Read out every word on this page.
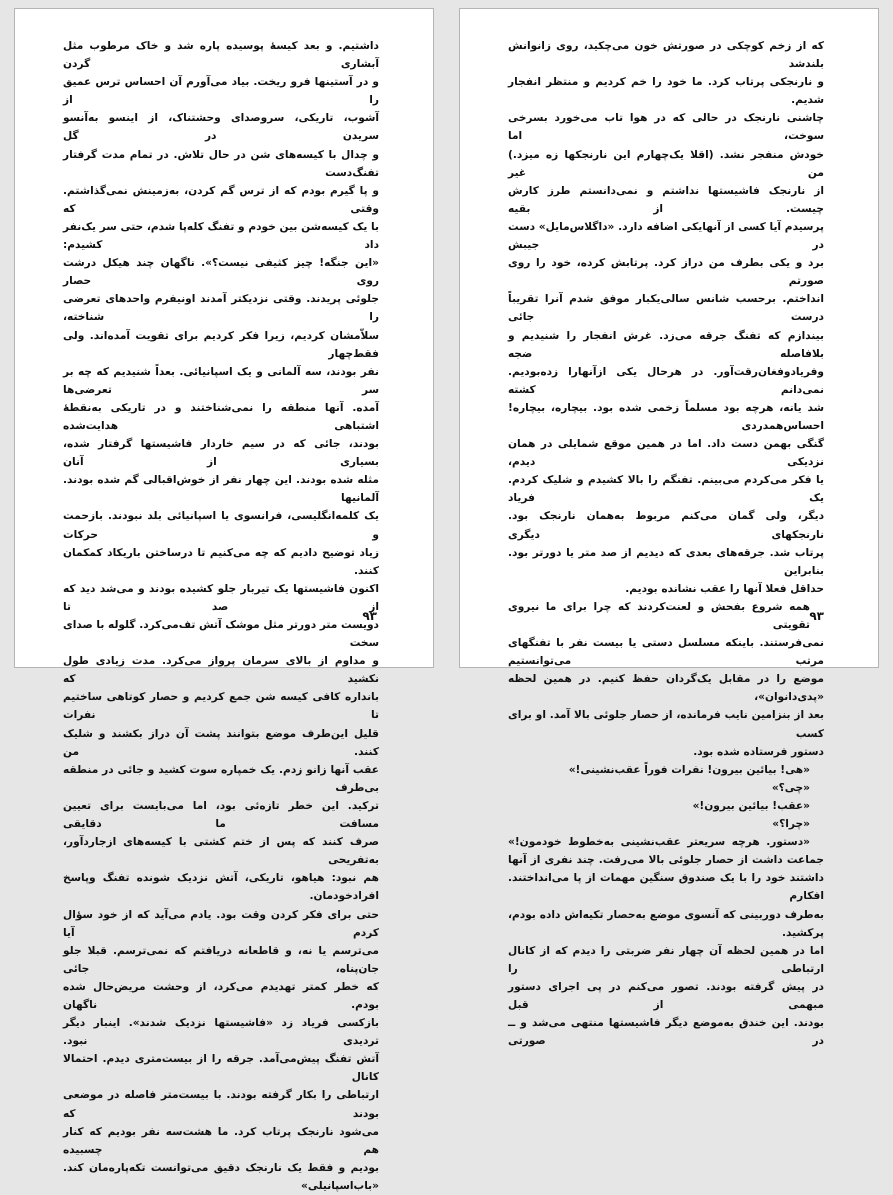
داشتیم. و بعد کیسهٔ پوسیده پاره شد و خاک مرطوب مثل آبشاری گردن

و در آستینها فرو ریخت. بیاد می‌آورم آن احساس ترس عمیق را از

آشوب، تاریکی، سروصدای وحشتناک، از اینسو به‌آنسو سریدن در گل

و چدال با کیسه‌های شن در حال تلاش. در تمام مدت گرفتار تفنگ‌دست

و پا گیرم بودم که از ترس گم کردن، به‌زمینش نمی‌گذاشتم. وقتی که

با یک کیسه‌شن بین خودم و تفنگ کله‌پا شدم، حتی سر یک‌نفر داد کشیدم:

«این جنگه! چیز کثیفی نیست؟». ناگهان چند هیکل درشت روی حصار

جلوئی پریدند. وقتی نزدیکتر آمدند اونیفرم واحدهای تعرضی را شناخته،

سلاّمشان کردیم، زیرا فکر کردیم برای تقویت آمده‌اند. ولی فقط‌چهار

نفر بودند، سه آلمانی و یک اسپانیائی. بعداً شنیدیم که چه بر سر تعرضی‌ها

آمده. آنها منطقه را نمی‌شناختند و در تاریکی به‌نقطهٔ اشتباهی هدایت‌شده

بودند، جائی که در سیم خاردار فاشیستها گرفتار شده، بسیاری از آنان

مثله شده بودند. این چهار نفر از خوش‌اقبالی گم شده بودند. آلمانیها

یک کلمه‌انگلیسی، فرانسوی یا اسپانیائی بلد نبودند. بازحمت و حرکات

زیاد توضیح دادیم که چه می‌کنیم تا درساختن باریکاد کمکمان کنند.

اکنون فاشیستها یک تیربار جلو کشیده بودند و می‌شد دید که از صد تا

دویست متر دورتر مثل موشک آتش تف‌می‌کرد. گلوله با صدای سخت

و مداوم از بالای سرمان پرواز می‌کرد. مدت زیادی طول نکشید که

بانداره کافی کیسه شن جمع کردیم و حصار کوتاهی ساختیم تا نفرات

قلیل این‌طرف موضع بتوانند پشت آن دراز بکشند و شلیک کنند. من

عقب آنها زانو زدم. یک خمپاره سوت کشید و جائی در منطقه بی‌طرف

ترکید. این خطر تازه‌ئی بود، اما می‌بایست برای تعیین مسافت ما دقایقی

صرف کنند که پس از ختم کشتی با کیسه‌های ازجاردآور، به‌تفریحی

هم نبود: هیاهو، تاریکی، آتش نزدیک شونده تفنگ وپاسخ افرادخودمان.

حتی برای فکر کردن وقت بود. یادم می‌آید که از خود سؤال کردم آیا

می‌ترسم یا نه، و قاطعانه دریافتم که نمی‌ترسم. قبلا جلو جان‌پناه، جائی

که خطر کمتر تهدیدم می‌کرد، از وحشت مریض‌حال شده بودم. ناگهان

بازکسی فریاد زد «فاشیستها نزدیک شدند». اینبار دیگر تردیدی نبود.

آتش تفنگ پیش‌می‌آمد. جرقه را از بیست‌متری دیدم. احتمالا کانال

ارتباطی را بکار گرفته بودند. با بیست‌متر فاصله در موضعی بودند که

می‌شود نارنجک پرتاب کرد. ما هشت‌سه نفر بودیم که کنار هم چسبیده

بودیم و فقط یک نارنجک دقیق می‌توانست تکه‌پاره‌مان کند. «باب‌اسپانیلی»

۹۳

که از زخم کوچکی در صورتش خون می‌چکید، روی زانوانش بلندشد

و نارنجکی پرتاب کرد. ما خود را خم کردیم و منتظر انفجار شدیم.

چاشنی نارنجک در حالی که در هوا تاب می‌خورد بسرخی سوخت، اما

خودش منفجر نشد. (اقلا یک‌چهارم این نارنجکها زه میزد.) من غیر

از نارنجک فاشیستها نداشتم و نمی‌دانستم طرز کارش چیست. از بقیه

پرسیدم آیا کسی از آنهایکی اضافه دارد. «داگلاس‌مایل» دست در جیبش

برد و یکی بطرف من دراز کرد. پرتابش کرده، خود را روی صورتم

انداختم. برحسب شانس سالی‌یکبار موفق شدم آنرا تقریباً درست جائی

بیندازم که تفنگ جرقه می‌زد. غرش انفجار را شنیدیم و بلافاصله ضجه

وفریادوفغان‌رقت‌آور. در هرحال یکی ازآنهارا زده‌بودیم. نمی‌دانم کشته

شد یانه، هرچه بود مسلماً زخمی شده بود. بیچاره، بیچاره! احساس‌همدردی

گنگی بهمن دست داد. اما در همین موقع شمایلی در همان نزدیکی دیدم،

یا فکر می‌کردم می‌بینم. تفنگم را بالا کشیدم و شلیک کردم. یک فریاد

دیگر، ولی گمان می‌کنم مربوط به‌همان نارنجک بود. نارنجکهای دیگری

پرتاب شد. جرقه‌های بعدی که دیدیم از صد متر یا دورتر بود. بنابراین

حداقل فعلا آنها را عقب نشانده بودیم.

همه شروع بفحش و لعنت‌کردند که چرا برای ما نیروی تقویتی

نمی‌فرستند. باینکه مسلسل دستی یا بیست نفر با تفنگهای مرتب می‌توانستیم

موضع را در مقابل یک‌گردان حفظ کنیم. در همین لحظه «پدی‌دانوان»،

بعد از بنزامین نایب فرمانده، از حصار جلوئی بالا آمد. او برای کسب

دستور فرستاده شده بود.

«هی! بیائین بیرون! نفرات فوراً عقب‌نشینی!»

«چی؟»

«عقب! بیائین بیرون!»

«چرا؟»

«دستور. هرچه سریعتر عقب‌نشینی به‌خطوط خودمون!»

جماعت داشت از حصار جلوئی بالا می‌رفت. چند نفری از آنها

داشتند خود را با یک صندوق سنگین مهمات از پا می‌انداختند. افکارم

به‌طرف دوربینی که آنسوی موضع به‌حصار تکیه‌اش داده بودم، پرکشید.

اما در همین لحظه آن چهار نفر ضربتی را دیدم که از کانال ارتباطی را

در پیش گرفته بودند. تصور می‌کنم در پی اجرای دستور مبهمی از قبل

بودند. این خندق به‌موضع دیگر فاشیستها منتهی می‌شد و ــ در صورتی

۹۳
